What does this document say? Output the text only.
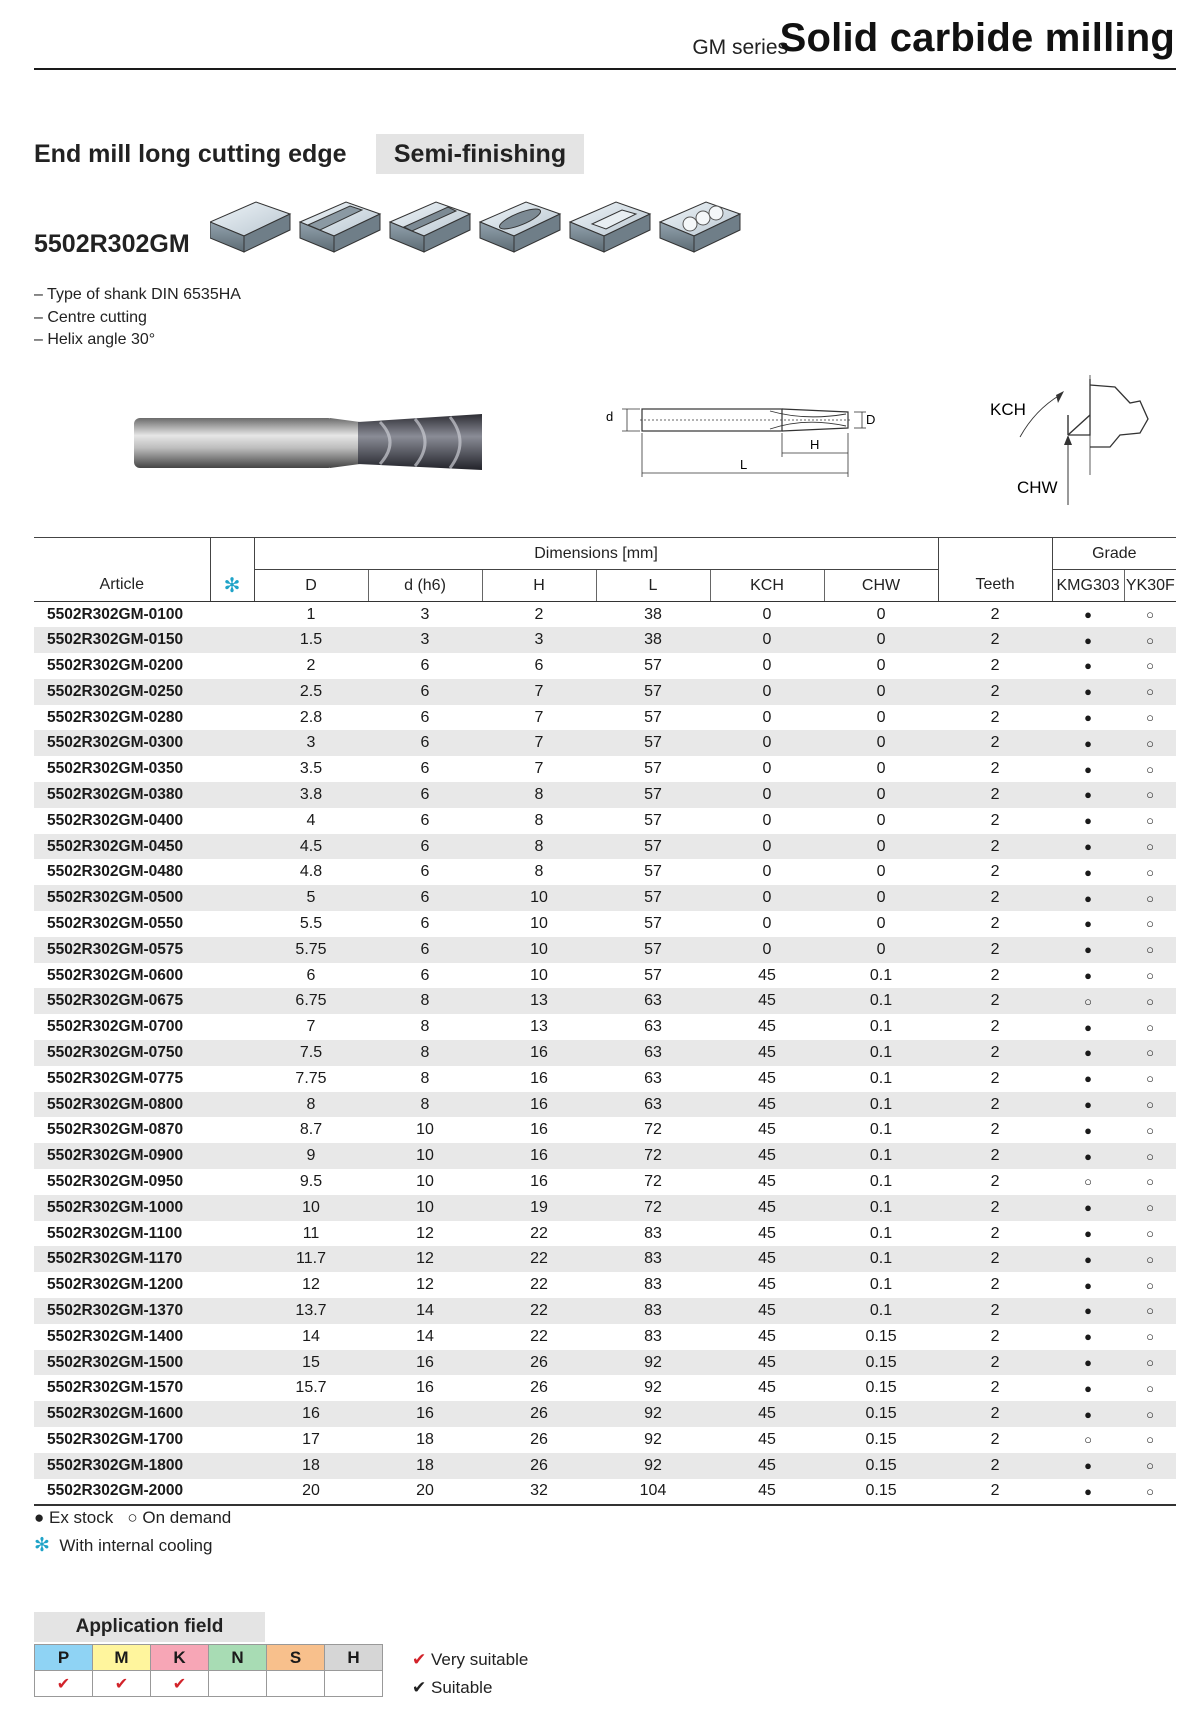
GM series
Solid carbide milling
End mill long cutting edge	Semi-finishing
5502R302GM
– Type of shank DIN 6535HA
– Centre cutting
– Helix angle 30°
d	D
H
L
KCH
CHW
		Dimensions [mm]							Grade	
Article	✻	D	d (h6)	H	L	KCH	CHW	Teeth	KMG303	YK30F
5502R302GM-0100		1	3	2	38	0	0	2	●	○
5502R302GM-0150		1.5	3	3	38	0	0	2	●	○
5502R302GM-0200		2	6	6	57	0	0	2	●	○
5502R302GM-0250		2.5	6	7	57	0	0	2	●	○
5502R302GM-0280		2.8	6	7	57	0	0	2	●	○
5502R302GM-0300		3	6	7	57	0	0	2	●	○
5502R302GM-0350		3.5	6	7	57	0	0	2	●	○
5502R302GM-0380		3.8	6	8	57	0	0	2	●	○
5502R302GM-0400		4	6	8	57	0	0	2	●	○
5502R302GM-0450		4.5	6	8	57	0	0	2	●	○
5502R302GM-0480		4.8	6	8	57	0	0	2	●	○
5502R302GM-0500		5	6	10	57	0	0	2	●	○
5502R302GM-0550		5.5	6	10	57	0	0	2	●	○
5502R302GM-0575		5.75	6	10	57	0	0	2	●	○
5502R302GM-0600		6	6	10	57	45	0.1	2	●	○
5502R302GM-0675		6.75	8	13	63	45	0.1	2	○	○
5502R302GM-0700		7	8	13	63	45	0.1	2	●	○
5502R302GM-0750		7.5	8	16	63	45	0.1	2	●	○
5502R302GM-0775		7.75	8	16	63	45	0.1	2	●	○
5502R302GM-0800		8	8	16	63	45	0.1	2	●	○
5502R302GM-0870		8.7	10	16	72	45	0.1	2	●	○
5502R302GM-0900		9	10	16	72	45	0.1	2	●	○
5502R302GM-0950		9.5	10	16	72	45	0.1	2	○	○
5502R302GM-1000		10	10	19	72	45	0.1	2	●	○
5502R302GM-1100		11	12	22	83	45	0.1	2	●	○
5502R302GM-1170		11.7	12	22	83	45	0.1	2	●	○
5502R302GM-1200		12	12	22	83	45	0.1	2	●	○
5502R302GM-1370		13.7	14	22	83	45	0.1	2	●	○
5502R302GM-1400		14	14	22	83	45	0.15	2	●	○
5502R302GM-1500		15	16	26	92	45	0.15	2	●	○
5502R302GM-1570		15.7	16	26	92	45	0.15	2	●	○
5502R302GM-1600		16	16	26	92	45	0.15	2	●	○
5502R302GM-1700		17	18	26	92	45	0.15	2	○	○
5502R302GM-1800		18	18	26	92	45	0.15	2	●	○
5502R302GM-2000		20	20	32	104	45	0.15	2	●	○
● Ex stock ○ On demand
✻ With internal cooling
Application field
P	M	K	N	S	H
✔	✔	✔			
✔ Very suitable
✔ Suitable
